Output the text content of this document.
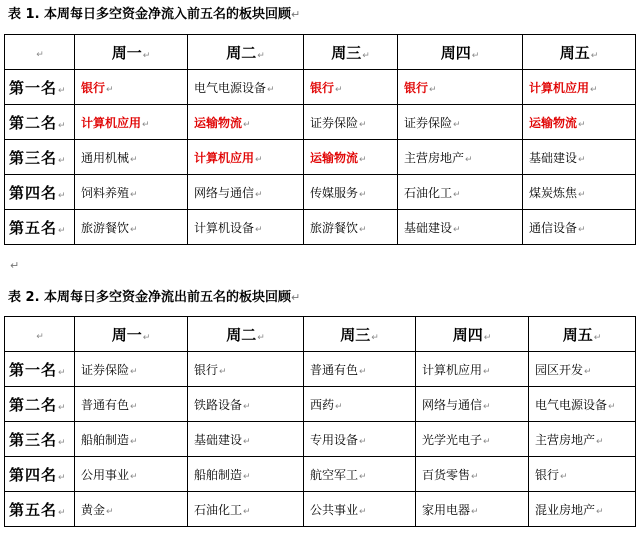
表 1. 本周每日多空资金净流入前五名的板块回顾↵
↵	周一↵	周二↵	周三↵	周四↵	周五↵
第一名↵	银行↵	电气电源设备↵	银行↵	银行↵	计算机应用↵
第二名↵	计算机应用↵	运输物流↵	证券保险↵	证券保险↵	运输物流↵
第三名↵	通用机械↵	计算机应用↵	运输物流↵	主营房地产↵	基础建设↵
第四名↵	饲料养殖↵	网络与通信↵	传媒服务↵	石油化工↵	煤炭炼焦↵
第五名↵	旅游餐饮↵	计算机设备↵	旅游餐饮↵	基础建设↵	通信设备↵
↵
表 2. 本周每日多空资金净流出前五名的板块回顾↵
↵	周一↵	周二↵	周三↵	周四↵	周五↵
第一名↵	证券保险↵	银行↵	普通有色↵	计算机应用↵	园区开发↵
第二名↵	普通有色↵	铁路设备↵	西药↵	网络与通信↵	电气电源设备↵
第三名↵	船舶制造↵	基础建设↵	专用设备↵	光学光电子↵	主营房地产↵
第四名↵	公用事业↵	船舶制造↵	航空军工↵	百货零售↵	银行↵
第五名↵	黄金↵	石油化工↵	公共事业↵	家用电器↵	混业房地产↵
